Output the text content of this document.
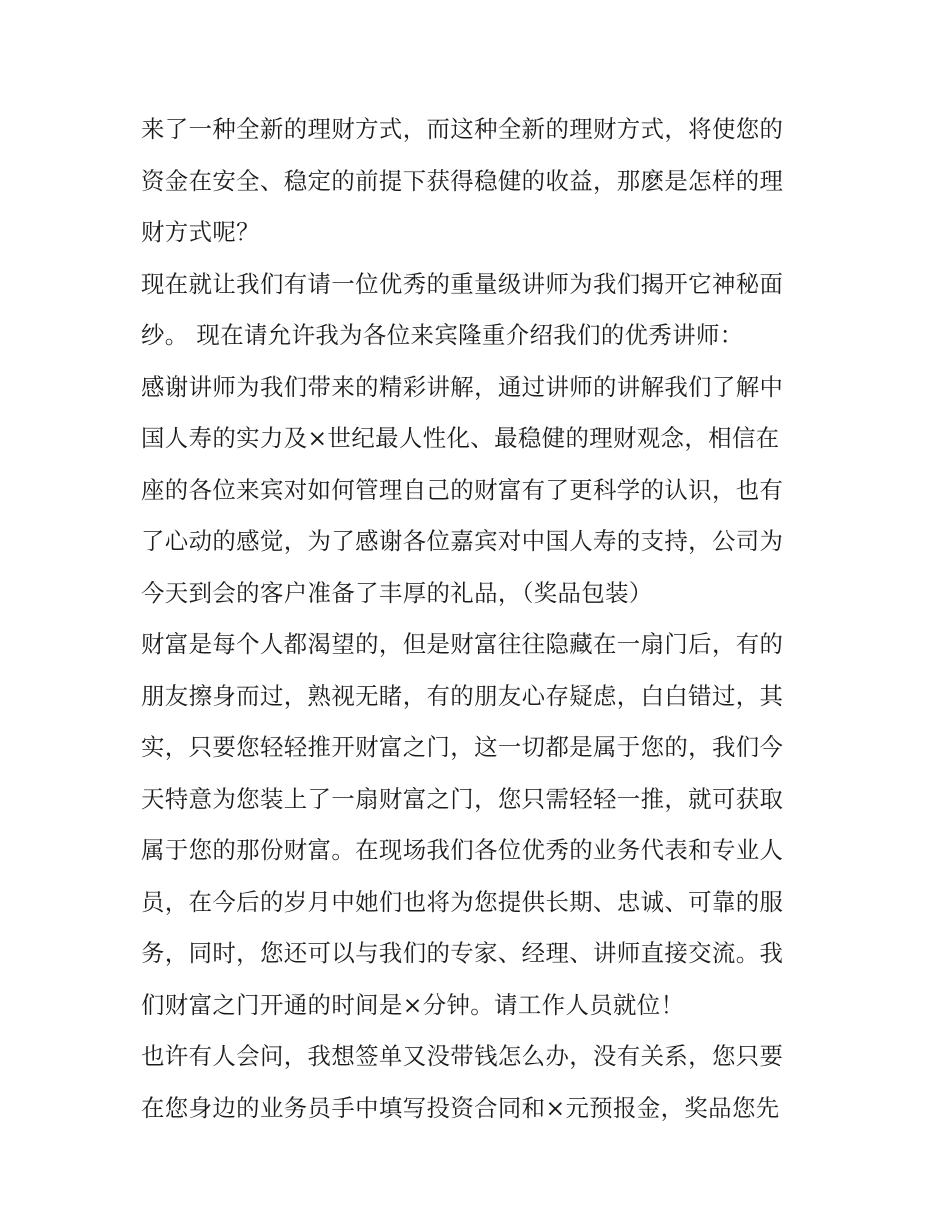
来了一种全新的理财方式，而这种全新的理财方式，将使您的
资金在安全、稳定的前提下获得稳健的收益，那麽是怎样的理
财方式呢？
现在就让我们有请一位优秀的重量级讲师为我们揭开它神秘面
纱。 现在请允许我为各位来宾隆重介绍我们的优秀讲师：
感谢讲师为我们带来的精彩讲解，通过讲师的讲解我们了解中
国人寿的实力及×世纪最人性化、最稳健的理财观念，相信在
座的各位来宾对如何管理自己的财富有了更科学的认识，也有
了心动的感觉，为了感谢各位嘉宾对中国人寿的支持，公司为
今天到会的客户准备了丰厚的礼品，（奖品包装）
财富是每个人都渴望的，但是财富往往隐藏在一扇门后，有的
朋友擦身而过，熟视无睹，有的朋友心存疑虑，白白错过，其
实，只要您轻轻推开财富之门，这一切都是属于您的，我们今
天特意为您装上了一扇财富之门，您只需轻轻一推，就可获取
属于您的那份财富。在现场我们各位优秀的业务代表和专业人
员，在今后的岁月中她们也将为您提供长期、忠诚、可靠的服
务，同时，您还可以与我们的专家、经理、讲师直接交流。我
们财富之门开通的时间是×分钟。请工作人员就位！
也许有人会问，我想签单又没带钱怎么办，没有关系，您只要
在您身边的业务员手中填写投资合同和×元预报金，奖品您先
